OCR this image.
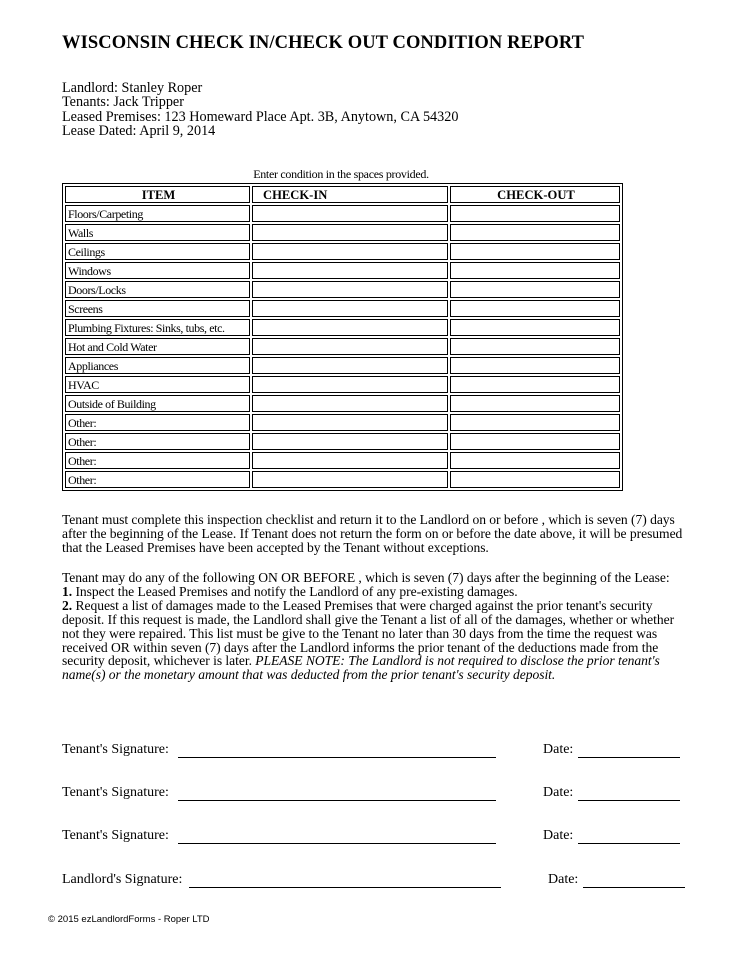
WISCONSIN CHECK IN/CHECK OUT CONDITION REPORT
Landlord: Stanley Roper
Tenants: Jack Tripper
Leased Premises: 123 Homeward Place Apt. 3B, Anytown, CA 54320
Lease Dated: April 9, 2014
Enter condition in the spaces provided.
ITEM	CHECK-IN	CHECK-OUT
Floors/Carpeting		
Walls		
Ceilings		
Windows		
Doors/Locks		
Screens		
Plumbing Fixtures: Sinks, tubs, etc.		
Hot and Cold Water		
Appliances		
HVAC		
Outside of Building		
Other:		
Other:		
Other:		
Other:		
Tenant must complete this inspection checklist and return it to the Landlord on or before , which is seven (7) days after the beginning of the Lease. If Tenant does not return the form on or before the date above, it will be presumed that the Leased Premises have been accepted by the Tenant without exceptions.
Tenant may do any of the following ON OR BEFORE , which is seven (7) days after the beginning of the Lease:
1. Inspect the Leased Premises and notify the Landlord of any pre-existing damages.
2. Request a list of damages made to the Leased Premises that were charged against the prior tenant's security deposit. If this request is made, the Landlord shall give the Tenant a list of all of the damages, whether or whether not they were repaired. This list must be give to the Tenant no later than 30 days from the time the request was received OR within seven (7) days after the Landlord informs the prior tenant of the deductions made from the security deposit, whichever is later. PLEASE NOTE: The Landlord is not required to disclose the prior tenant's name(s) or the monetary amount that was deducted from the prior tenant's security deposit.
Tenant's Signature:	Date:
Tenant's Signature:	Date:
Tenant's Signature:	Date:
Landlord's Signature:	Date:
© 2015 ezLandlordForms - Roper LTD
